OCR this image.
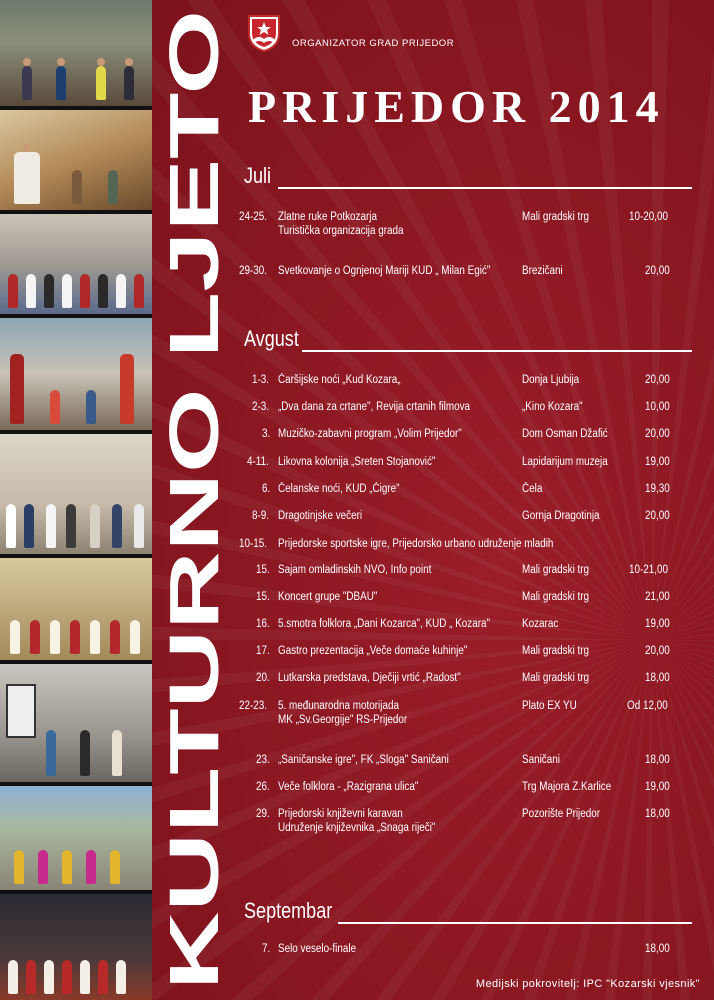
KULTURNO LJETO
ORGANIZATOR GRAD PRIJEDOR
PRIJEDOR 2014
Juli
24-25. Zlatne ruke Potkozarja
Turistička organizacija grada
Mali gradski trg	10-20,00
29-30. Svetkovanje o Ognjenoj Mariji KUD „ Milan Egić"	Brezičani	20,00
Avgust
1-3. Čaršijske noći „Kud Kozara„	Donja Ljubija	20,00
2-3. „Dva dana za crtane", Revija crtanih filmova	„Kino Kozara"	10,00
3. Muzičko-zabavni program „Volim Prijedor"	Dom Osman Džafić	20,00
4-11. Likovna kolonija „Sreten Stojanović"	Lapidarijum muzeja	19,00
6. Čelanske noći, KUD „Čigre"	Čela	19,30
8-9. Dragotinjske večeri	Gornja Dragotinja	20,00
10-15. Prijedorske sportske igre, Prijedorsko urbano udruženje mladih
15. Sajam omladinskih NVO, Info point	Mali gradski trg	10-21,00
15. Koncert grupe "DBAU"	Mali gradski trg	21,00
16. 5.smotra folklora „Dani Kozarca", KUD „ Kozara"	Kozarac	19,00
17. Gastro prezentacija „Veče domaće kuhinje"	Mali gradski trg	20,00
20. Lutkarska predstava, Dječiji vrtić „Radost"	Mali gradski trg	18,00
22-23. 5. međunarodna motorijada
MK „Sv.Georgije" RS-Prijedor
Plato EX YU	Od 12,00
23. „Saničanske igre", FK „Sloga" Saničani	Saničani	18,00
26. Veče folklora - „Razigrana ulica"	Trg Majora Z.Karlice	19,00
29. Prijedorski književni karavan
Udruženje književnika „Snaga riječi"
Pozorište Prijedor	18,00
Septembar
7. Selo veselo-finale	18,00
Medijski pokrovitelj: IPC "Kozarski vjesnik"
